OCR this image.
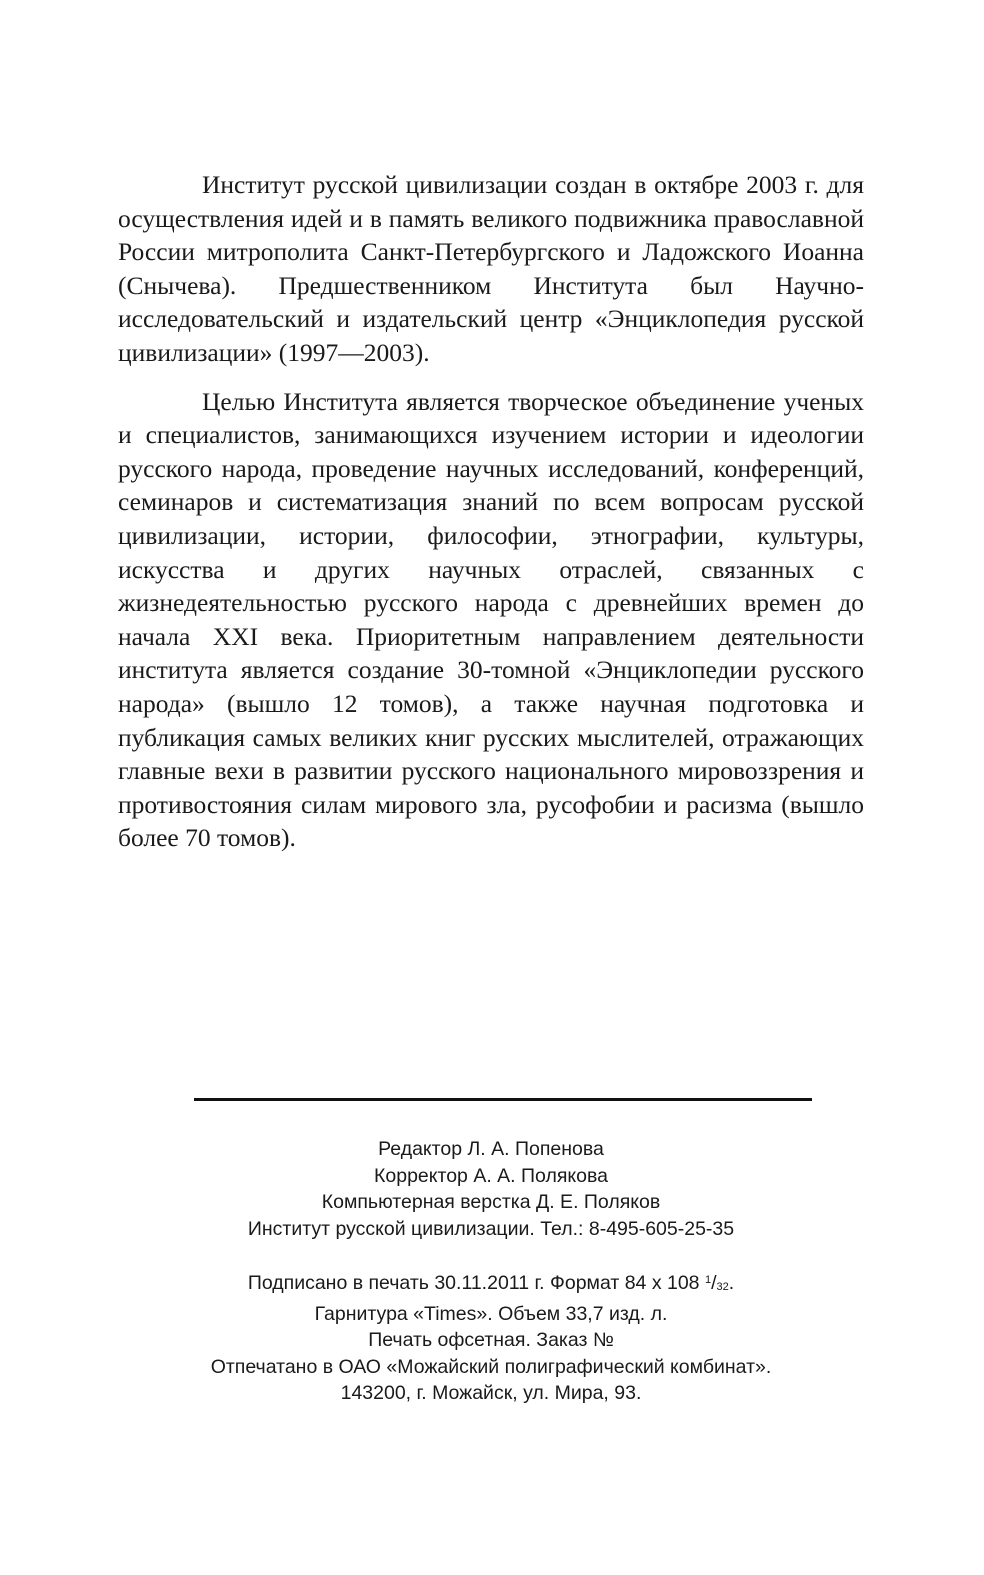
Институт русской цивилизации создан в октябре 2003 г. для осуществления идей и в память великого подвижника православной России митрополита Санкт-Петербургского и Ладожского Иоанна (Снычева). Предшественником Института был Научно-исследовательский и издательский центр «Энциклопедия русской цивилизации» (1997—2003).

Целью Института является творческое объединение ученых и специалистов, занимающихся изучением истории и идеологии русского народа, проведение научных исследований, конференций, семинаров и систематизация знаний по всем вопросам русской цивилизации, истории, философии, этнографии, культуры, искусства и других научных отраслей, связанных с жизнедеятельностью русского народа с древнейших времен до начала XXI века. Приоритетным направлением деятельности института является создание 30-томной «Энциклопедии русского народа» (вышло 12 томов), а также научная подготовка и публикация самых великих книг русских мыслителей, отражающих главные вехи в развитии русского национального мировоззрения и противостояния силам мирового зла, русофобии и расизма (вышло более 70 томов).

Редактор Л. А. Попенова
Корректор А. А. Полякова
Компьютерная верстка Д. Е. Поляков
Институт русской цивилизации. Тел.: 8-495-605-25-35
Подписано в печать 30.11.2011 г. Формат 84 х 108 $^1/_{32}$.
Гарнитура «Times». Объем 33,7 изд. л.
Печать офсетная. Заказ №
Отпечатано в ОАО «Можайский полиграфический комбинат».
143200, г. Можайск, ул. Мира, 93.
